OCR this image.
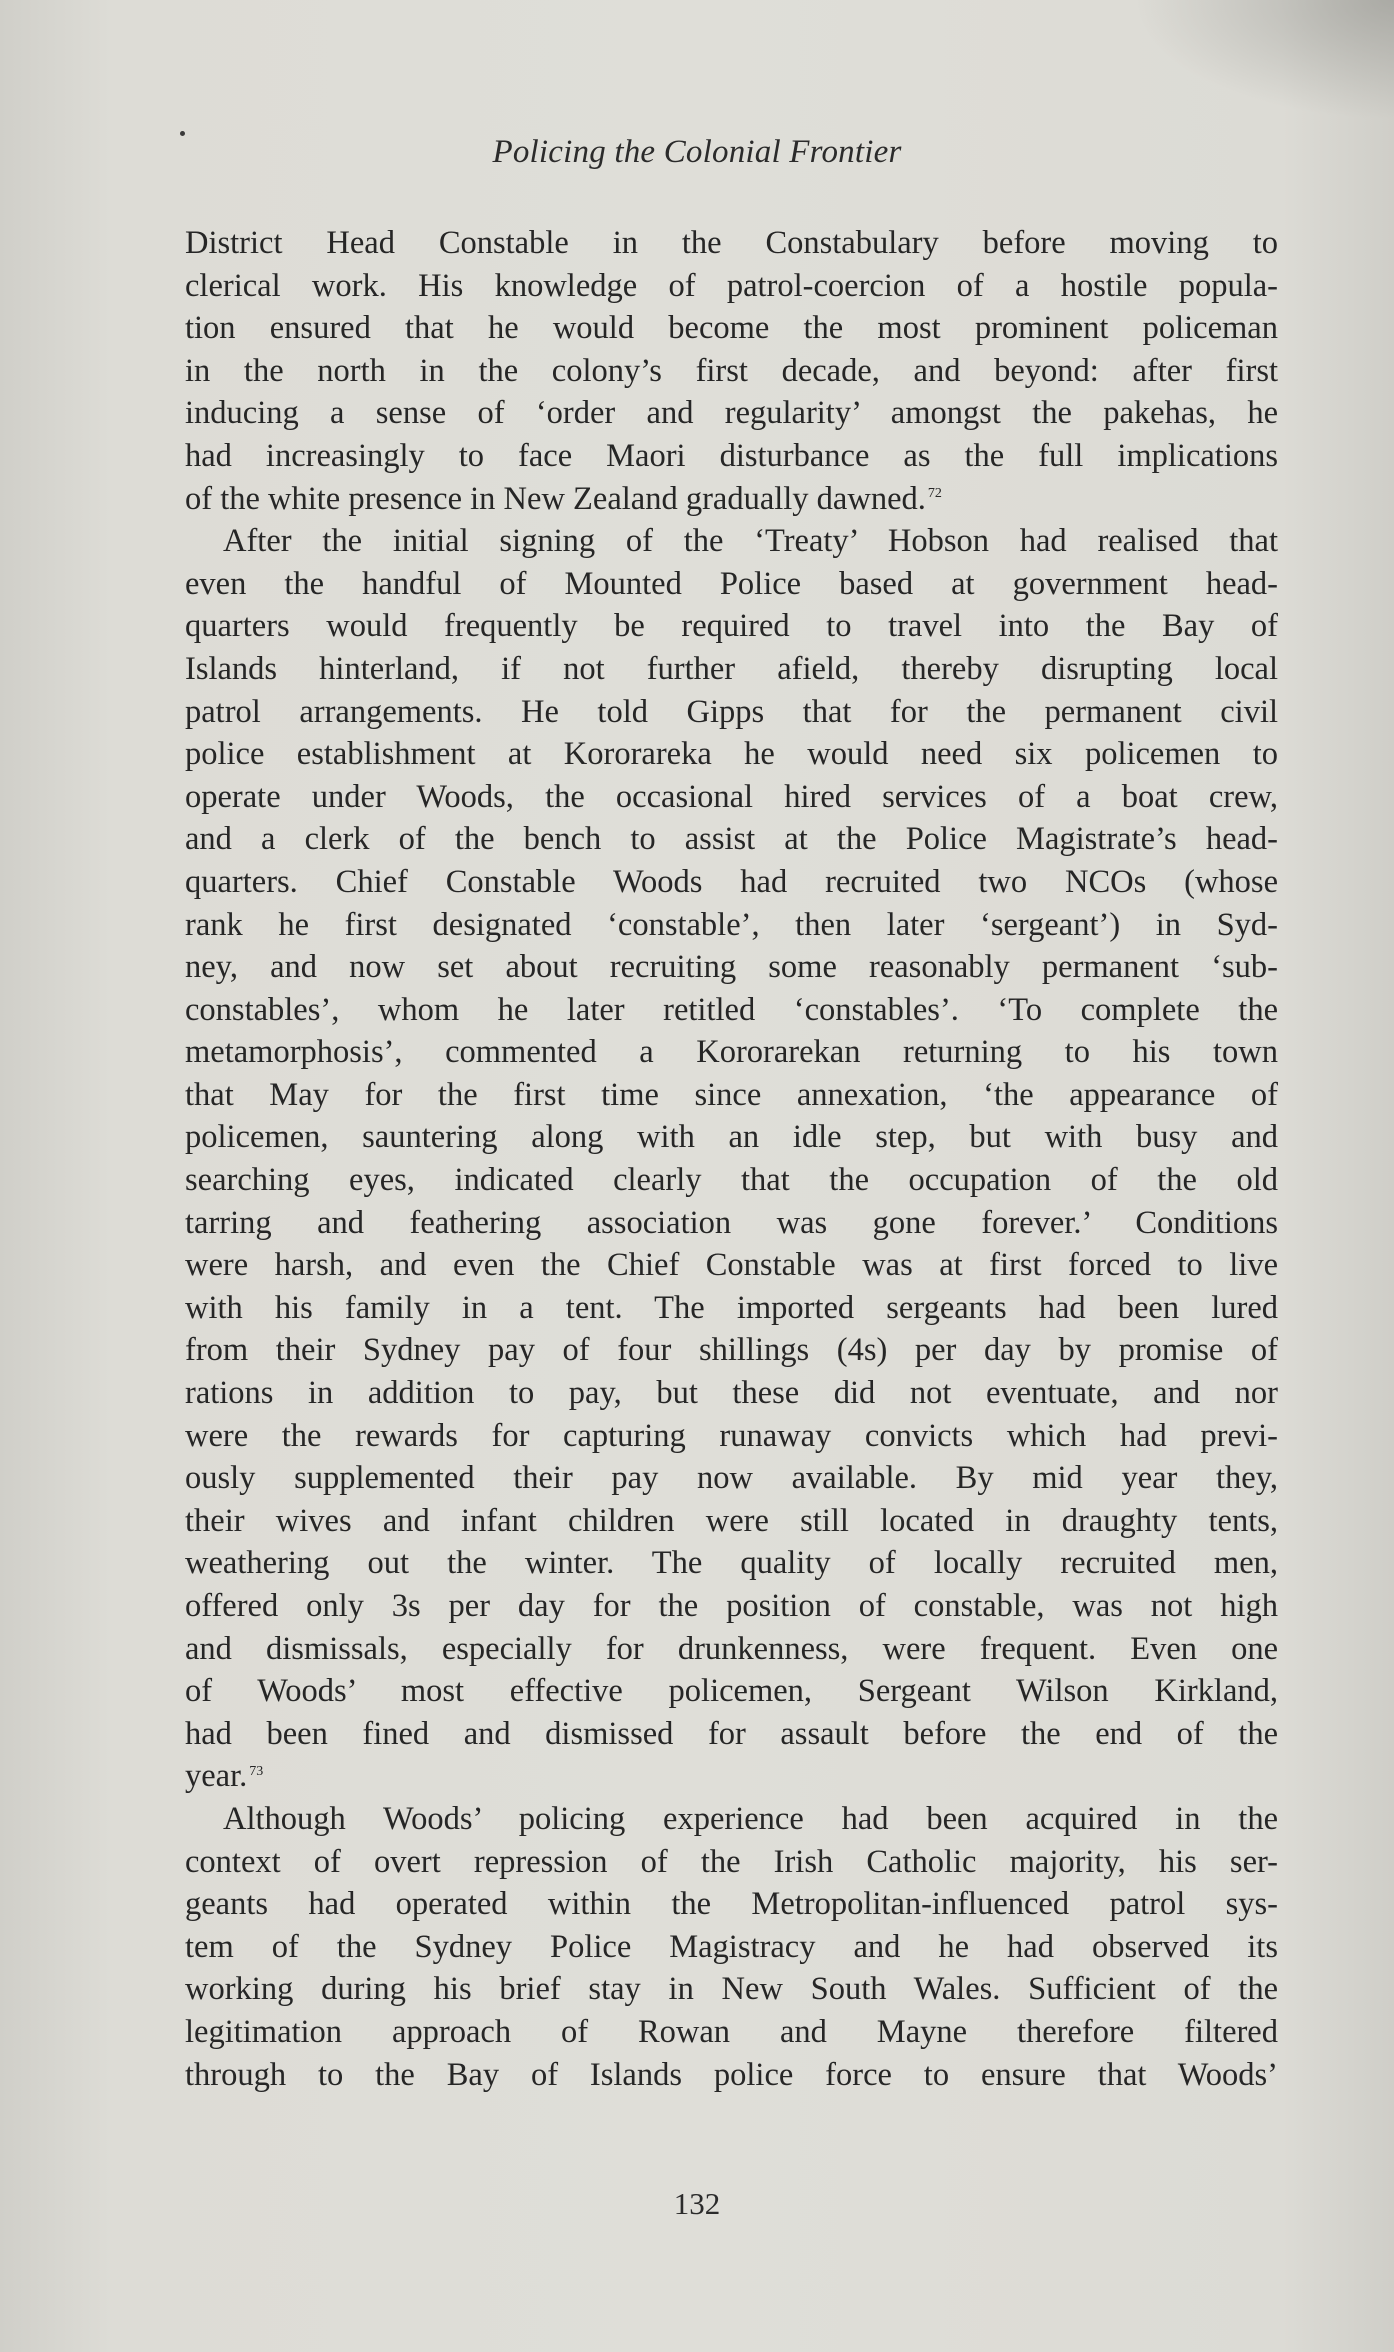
Policing the Colonial Frontier

District Head Constable in the Constabulary before moving to
clerical work. His knowledge of patrol-coercion of a hostile popula-
tion ensured that he would become the most prominent policeman
in the north in the colony’s first decade, and beyond: after first
inducing a sense of ‘order and regularity’ amongst the pakehas, he
had increasingly to face Maori disturbance as the full implications
of the white presence in New Zealand gradually dawned. $^{72}$

After the initial signing of the ‘Treaty’ Hobson had realised that
even the handful of Mounted Police based at government head-
quarters would frequently be required to travel into the Bay of
Islands hinterland, if not further afield, thereby disrupting local
patrol arrangements. He told Gipps that for the permanent civil
police establishment at Kororareka he would need six policemen to
operate under Woods, the occasional hired services of a boat crew,
and a clerk of the bench to assist at the Police Magistrate’s head-
quarters. Chief Constable Woods had recruited two NCOs (whose
rank he first designated ‘constable’, then later ‘sergeant’) in Syd-
ney, and now set about recruiting some reasonably permanent ‘sub-
constables’, whom he later retitled ‘constables’. ‘To complete the
metamorphosis’, commented a Kororarekan returning to his town
that May for the first time since annexation, ‘the appearance of
policemen, sauntering along with an idle step, but with busy and
searching eyes, indicated clearly that the occupation of the old
tarring and feathering association was gone forever.’ Conditions
were harsh, and even the Chief Constable was at first forced to live
with his family in a tent. The imported sergeants had been lured
from their Sydney pay of four shillings (4s) per day by promise of
rations in addition to pay, but these did not eventuate, and nor
were the rewards for capturing runaway convicts which had previ-
ously supplemented their pay now available. By mid year they,
their wives and infant children were still located in draughty tents,
weathering out the winter. The quality of locally recruited men,
offered only 3s per day for the position of constable, was not high
and dismissals, especially for drunkenness, were frequent. Even one
of Woods’ most effective policemen, Sergeant Wilson Kirkland,
had been fined and dismissed for assault before the end of the
year. $^{73}$

Although Woods’ policing experience had been acquired in the
context of overt repression of the Irish Catholic majority, his ser-
geants had operated within the Metropolitan-influenced patrol sys-
tem of the Sydney Police Magistracy and he had observed its
working during his brief stay in New South Wales. Sufficient of the
legitimation approach of Rowan and Mayne therefore filtered
through to the Bay of Islands police force to ensure that Woods’

132
